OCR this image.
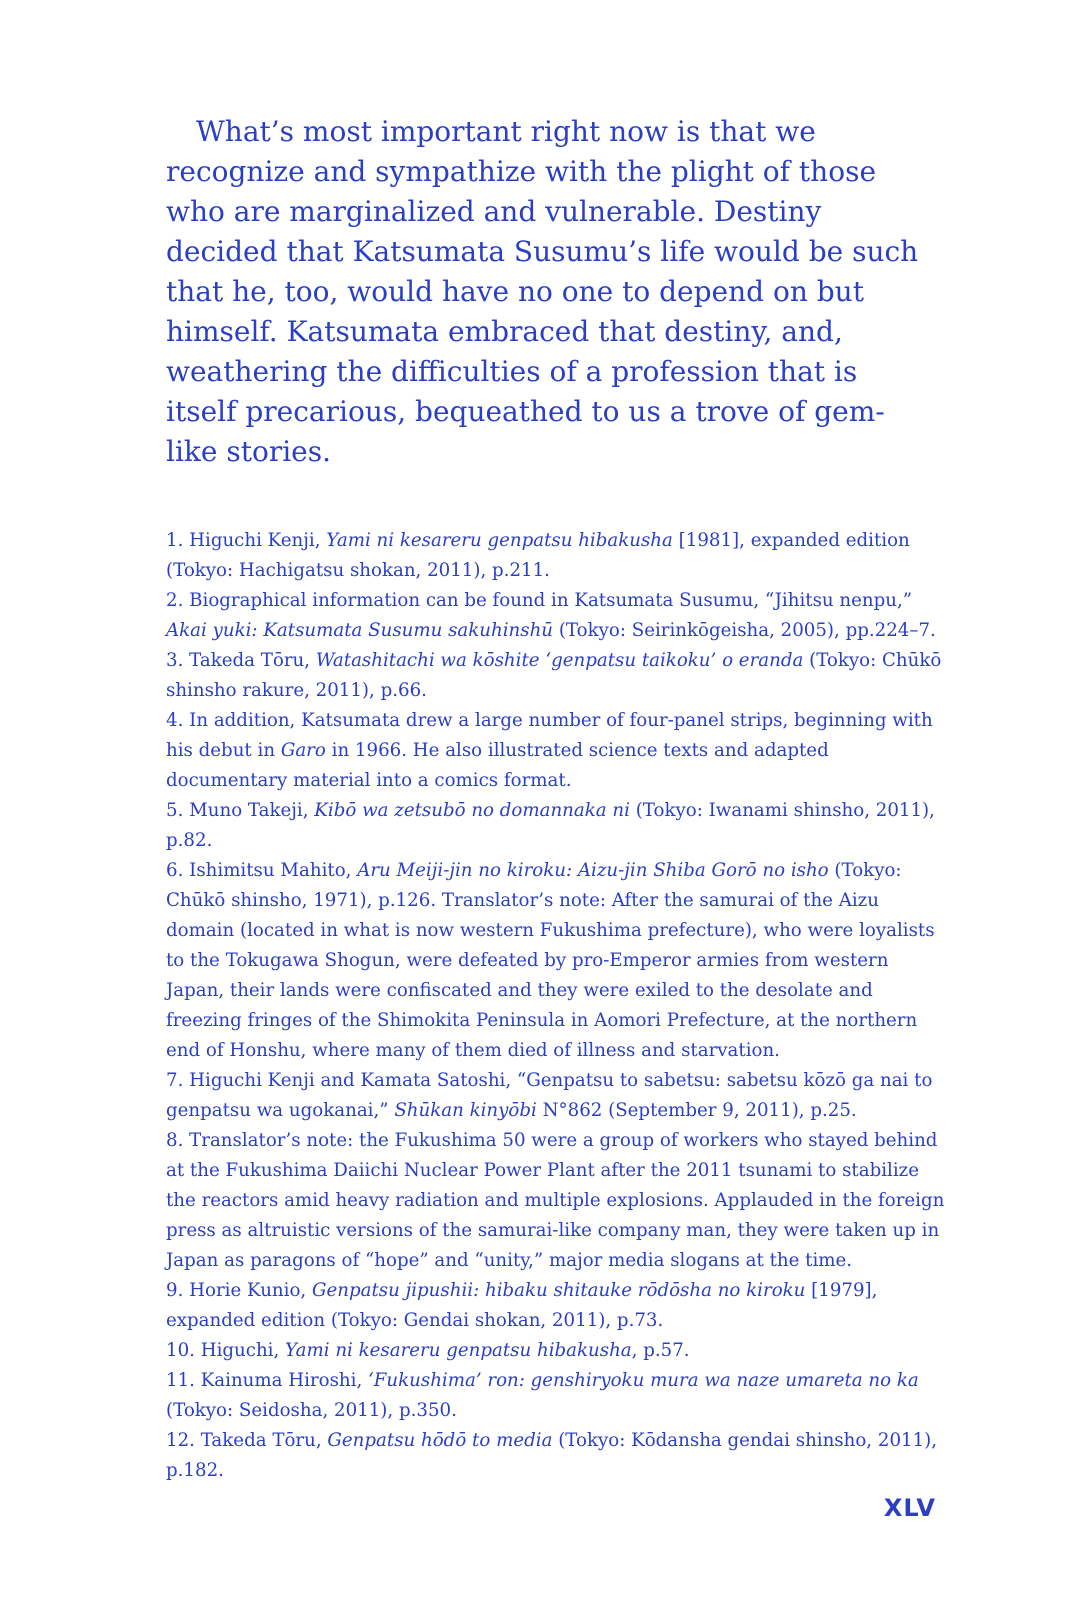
What’s most important right now is that we recognize and sympathize with the plight of those who are marginalized and vulnerable. Destiny decided that Katsumata Susumu’s life would be such that he, too, would have no one to depend on but himself. Katsumata embraced that destiny, and, weathering the difficulties of a profession that is itself precarious, bequeathed to us a trove of gem-like stories.

1. Higuchi Kenji, Yami ni kesareru genpatsu hibakusha [1981], expanded edition (Tokyo: Hachigatsu shokan, 2011), p.211.
2. Biographical information can be found in Katsumata Susumu, “Jihitsu nenpu,” Akai yuki: Katsumata Susumu sakuhinshū (Tokyo: Seirinkōgeisha, 2005), pp.224–7.
3. Takeda Tōru, Watashitachi wa kōshite ‘genpatsu taikoku’ o eranda (Tokyo: Chūkō shinsho rakure, 2011), p.66.
4. In addition, Katsumata drew a large number of four-panel strips, beginning with his debut in Garo in 1966. He also illustrated science texts and adapted documentary material into a comics format.
5. Muno Takeji, Kibō wa zetsubō no domannaka ni (Tokyo: Iwanami shinsho, 2011), p.82.
6. Ishimitsu Mahito, Aru Meiji-jin no kiroku: Aizu-jin Shiba Gorō no isho (Tokyo: Chūkō shinsho, 1971), p.126. Translator’s note: After the samurai of the Aizu domain (located in what is now western Fukushima prefecture), who were loyalists to the Tokugawa Shogun, were defeated by pro-Emperor armies from western Japan, their lands were confiscated and they were exiled to the desolate and freezing fringes of the Shimokita Peninsula in Aomori Prefecture, at the northern end of Honshu, where many of them died of illness and starvation.
7. Higuchi Kenji and Kamata Satoshi, “Genpatsu to sabetsu: sabetsu kōzō ga nai to genpatsu wa ugokanai,” Shūkan kinyōbi N°862 (September 9, 2011), p.25.
8. Translator’s note: the Fukushima 50 were a group of workers who stayed behind at the Fukushima Daiichi Nuclear Power Plant after the 2011 tsunami to stabilize the reactors amid heavy radiation and multiple explosions. Applauded in the foreign press as altruistic versions of the samurai-like company man, they were taken up in Japan as paragons of “hope” and “unity,” major media slogans at the time.
9. Horie Kunio, Genpatsu jipushii: hibaku shitauke rōdōsha no kiroku [1979], expanded edition (Tokyo: Gendai shokan, 2011), p.73.
10. Higuchi, Yami ni kesareru genpatsu hibakusha, p.57.
11. Kainuma Hiroshi, ‘Fukushima’ ron: genshiryoku mura wa naze umareta no ka (Tokyo: Seidosha, 2011), p.350.
12. Takeda Tōru, Genpatsu hōdō to media (Tokyo: Kōdansha gendai shinsho, 2011), p.182.
XLV
